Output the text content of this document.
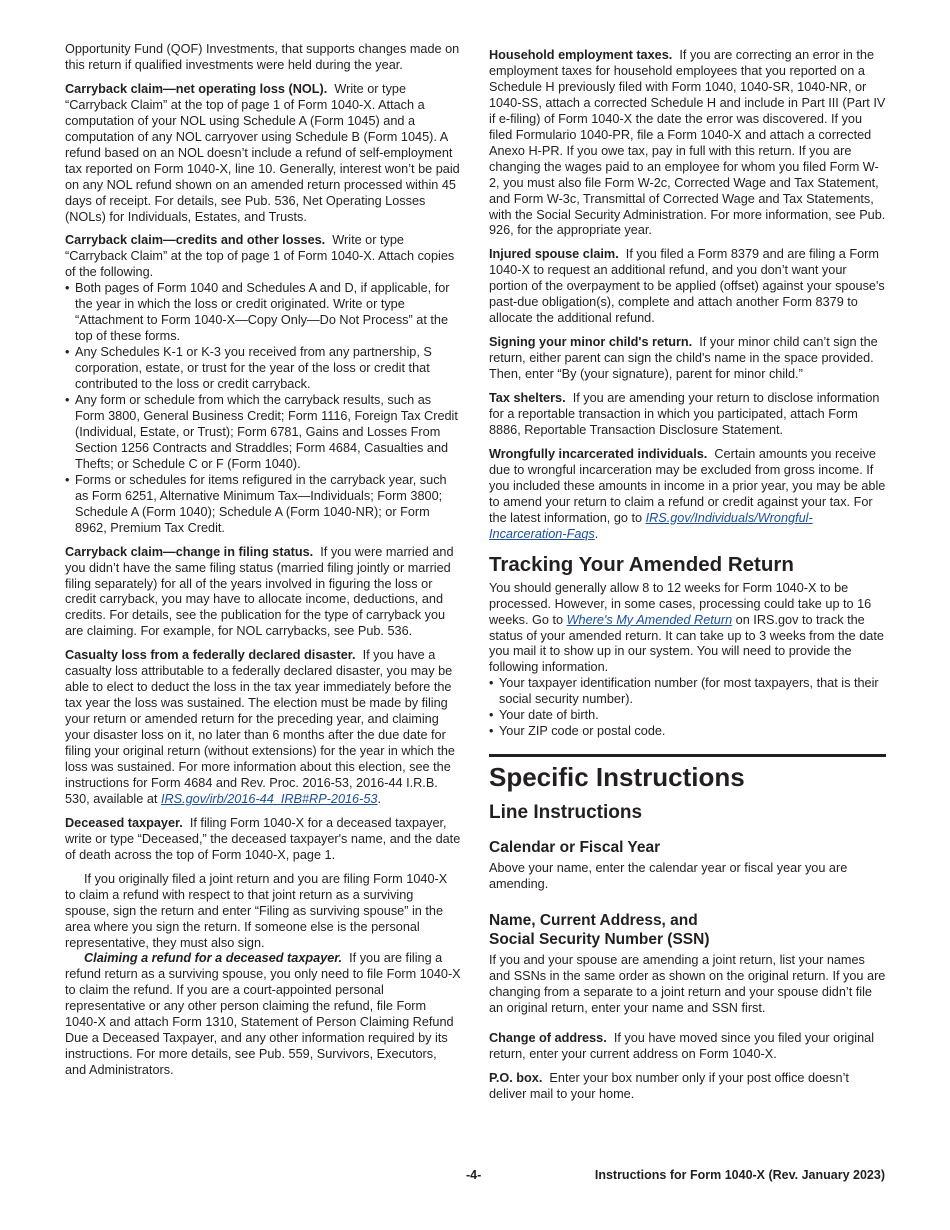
Opportunity Fund (QOF) Investments, that supports changes made on this return if qualified investments were held during the year.

Carryback claim—net operating loss (NOL). Write or type “Carryback Claim” at the top of page 1 of Form 1040-X. Attach a computation of your NOL using Schedule A (Form 1045) and a computation of any NOL carryover using Schedule B (Form 1045). A refund based on an NOL doesn’t include a refund of self-employment tax reported on Form 1040-X, line 10. Generally, interest won’t be paid on any NOL refund shown on an amended return processed within 45 days of receipt. For details, see Pub. 536, Net Operating Losses (NOLs) for Individuals, Estates, and Trusts.

Carryback claim—credits and other losses. Write or type “Carryback Claim” at the top of page 1 of Form 1040-X. Attach copies of the following.

• Both pages of Form 1040 and Schedules A and D, if applicable, for the year in which the loss or credit originated. Write or type “Attachment to Form 1040-X—Copy Only—Do Not Process” at the top of these forms.
• Any Schedules K-1 or K-3 you received from any partnership, S corporation, estate, or trust for the year of the loss or credit that contributed to the loss or credit carryback.
• Any form or schedule from which the carryback results, such as Form 3800, General Business Credit; Form 1116, Foreign Tax Credit (Individual, Estate, or Trust); Form 6781, Gains and Losses From Section 1256 Contracts and Straddles; Form 4684, Casualties and Thefts; or Schedule C or F (Form 1040).
• Forms or schedules for items refigured in the carryback year, such as Form 6251, Alternative Minimum Tax—Individuals; Form 3800; Schedule A (Form 1040); Schedule A (Form 1040-NR); or Form 8962, Premium Tax Credit.

Carryback claim—change in filing status. If you were married and you didn’t have the same filing status (married filing jointly or married filing separately) for all of the years involved in figuring the loss or credit carryback, you may have to allocate income, deductions, and credits. For details, see the publication for the type of carryback you are claiming. For example, for NOL carrybacks, see Pub. 536.

Casualty loss from a federally declared disaster. If you have a casualty loss attributable to a federally declared disaster, you may be able to elect to deduct the loss in the tax year immediately before the tax year the loss was sustained. The election must be made by filing your return or amended return for the preceding year, and claiming your disaster loss on it, no later than 6 months after the due date for filing your original return (without extensions) for the year in which the loss was sustained. For more information about this election, see the instructions for Form 4684 and Rev. Proc. 2016-53, 2016-44 I.R.B. 530, available at IRS.gov/irb/2016-44_IRB#RP-2016-53.

Deceased taxpayer. If filing Form 1040-X for a deceased taxpayer, write or type “Deceased,” the deceased taxpayer's name, and the date of death across the top of Form 1040-X, page 1.

If you originally filed a joint return and you are filing Form 1040-X to claim a refund with respect to that joint return as a surviving spouse, sign the return and enter “Filing as surviving spouse” in the area where you sign the return. If someone else is the personal representative, they must also sign.

Claiming a refund for a deceased taxpayer. If you are filing a refund return as a surviving spouse, you only need to file Form 1040-X to claim the refund. If you are a court-appointed personal representative or any other person claiming the refund, file Form 1040-X and attach Form 1310, Statement of Person Claiming Refund Due a Deceased Taxpayer, and any other information required by its instructions. For more details, see Pub. 559, Survivors, Executors, and Administrators.

Household employment taxes. If you are correcting an error in the employment taxes for household employees that you reported on a Schedule H previously filed with Form 1040, 1040-SR, 1040-NR, or 1040-SS, attach a corrected Schedule H and include in Part III (Part IV if e-filing) of Form 1040-X the date the error was discovered. If you filed Formulario 1040-PR, file a Form 1040-X and attach a corrected Anexo H-PR. If you owe tax, pay in full with this return. If you are changing the wages paid to an employee for whom you filed Form W-2, you must also file Form W-2c, Corrected Wage and Tax Statement, and Form W-3c, Transmittal of Corrected Wage and Tax Statements, with the Social Security Administration. For more information, see Pub. 926, for the appropriate year.

Injured spouse claim. If you filed a Form 8379 and are filing a Form 1040-X to request an additional refund, and you don’t want your portion of the overpayment to be applied (offset) against your spouse's past-due obligation(s), complete and attach another Form 8379 to allocate the additional refund.

Signing your minor child's return. If your minor child can’t sign the return, either parent can sign the child's name in the space provided. Then, enter “By (your signature), parent for minor child.”

Tax shelters. If you are amending your return to disclose information for a reportable transaction in which you participated, attach Form 8886, Reportable Transaction Disclosure Statement.

Wrongfully incarcerated individuals. Certain amounts you receive due to wrongful incarceration may be excluded from gross income. If you included these amounts in income in a prior year, you may be able to amend your return to claim a refund or credit against your tax. For the latest information, go to IRS.gov/Individuals/Wrongful-Incarceration-Faqs.

Tracking Your Amended Return

You should generally allow 8 to 12 weeks for Form 1040-X to be processed. However, in some cases, processing could take up to 16 weeks. Go to Where's My Amended Return on IRS.gov to track the status of your amended return. It can take up to 3 weeks from the date you mail it to show up in our system. You will need to provide the following information.

• Your taxpayer identification number (for most taxpayers, that is their social security number).
• Your date of birth.
• Your ZIP code or postal code.
Specific Instructions
Line Instructions
Calendar or Fiscal Year

Above your name, enter the calendar year or fiscal year you are amending.

Name, Current Address, and
Social Security Number (SSN)

If you and your spouse are amending a joint return, list your names and SSNs in the same order as shown on the original return. If you are changing from a separate to a joint return and your spouse didn’t file an original return, enter your name and SSN first.

Change of address. If you have moved since you filed your original return, enter your current address on Form 1040-X.

P.O. box. Enter your box number only if your post office doesn’t deliver mail to your home.

-4-	Instructions for Form 1040-X (Rev. January 2023)
